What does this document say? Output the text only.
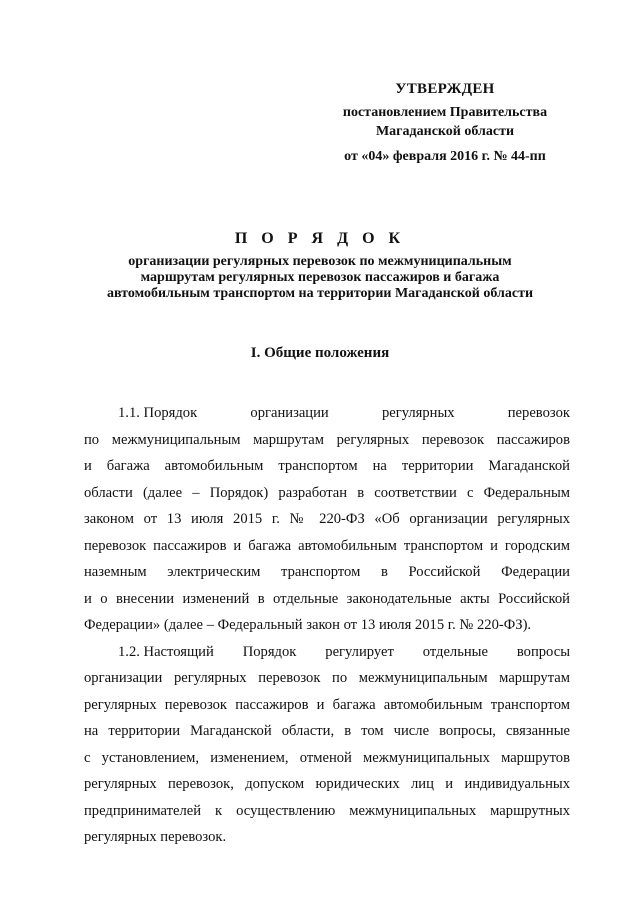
УТВЕРЖДЕН
постановлением Правительства
Магаданской области
от «04» февраля 2016 г. № 44-пп
П О Р Я Д О К
организации регулярных перевозок по межмуниципальным
маршрутам регулярных перевозок пассажиров и багажа
автомобильным транспортом на территории Магаданской области
I. Общие положения
1.1. Порядок	организации	регулярных	перевозок
по межмуниципальным маршрутам регулярных перевозок пассажиров
и багажа автомобильным транспортом на территории Магаданской
области (далее – Порядок) разработан в соответствии с Федеральным
законом от 13 июля 2015 г. № 220-ФЗ «Об организации регулярных
перевозок пассажиров и багажа автомобильным транспортом и городским
наземным электрическим транспортом в Российской Федерации
и о внесении изменений в отдельные законодательные акты Российской
Федерации» (далее – Федеральный закон от 13 июля 2015 г. № 220-ФЗ).
1.2. Настоящий Порядок регулирует отдельные вопросы
организации регулярных перевозок по межмуниципальным маршрутам
регулярных перевозок пассажиров и багажа автомобильным транспортом
на территории Магаданской области, в том числе вопросы, связанные
с установлением, изменением, отменой межмуниципальных маршрутов
регулярных перевозок, допуском юридических лиц и индивидуальных
предпринимателей к осуществлению межмуниципальных маршрутных
регулярных перевозок.
